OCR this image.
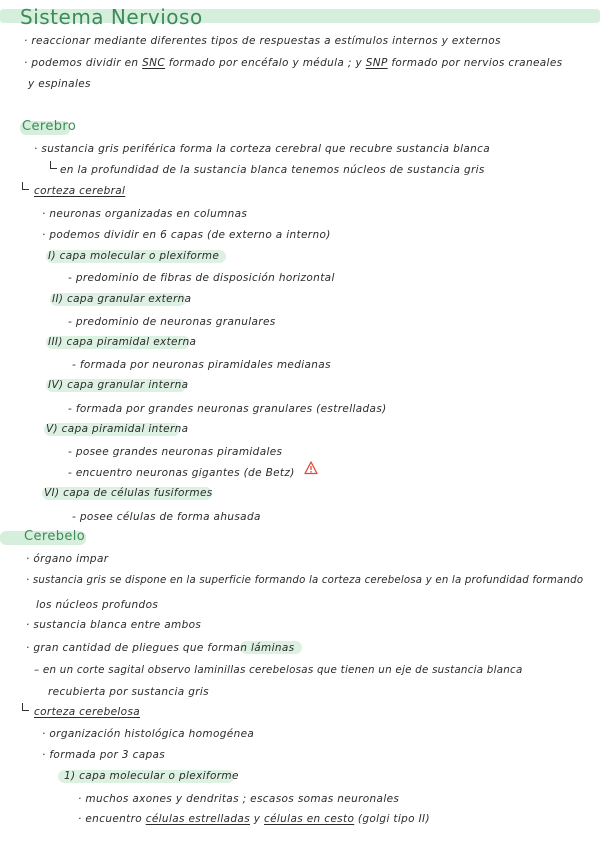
Sistema Nervioso
· reaccionar mediante diferentes tipos de respuestas a estímulos internos y externos
· podemos dividir en SNC formado por encéfalo y médula ; y SNP formado por nervios craneales
y espinales
Cerebro
· sustancia gris periférica forma la corteza cerebral que recubre sustancia blanca
en la profundidad de la sustancia blanca tenemos núcleos de sustancia gris
corteza cerebral
· neuronas organizadas en columnas
· podemos dividir en 6 capas (de externo a interno)
I) capa molecular o plexiforme
- predominio de fibras de disposición horizontal
II) capa granular externa
- predominio de neuronas granulares
III) capa piramidal externa
- formada por neuronas piramidales medianas
IV) capa granular interna
- formada por grandes neuronas granulares (estrelladas)
V) capa piramidal interna
- posee grandes neuronas piramidales
- encuentro neuronas gigantes (de Betz)
VI) capa de células fusiformes
- posee células de forma ahusada
Cerebelo
· órgano impar
· sustancia gris se dispone en la superficie formando la corteza cerebelosa y en la profundidad formando
los núcleos profundos
· sustancia blanca entre ambos
· gran cantidad de pliegues que forman láminas
– en un corte sagital observo laminillas cerebelosas que tienen un eje de sustancia blanca
recubierta por sustancia gris
corteza cerebelosa
· organización histológica homogénea
· formada por 3 capas
1) capa molecular o plexiforme
· muchos axones y dendritas ; escasos somas neuronales
· encuentro células estrelladas y células en cesto (golgi tipo II)
